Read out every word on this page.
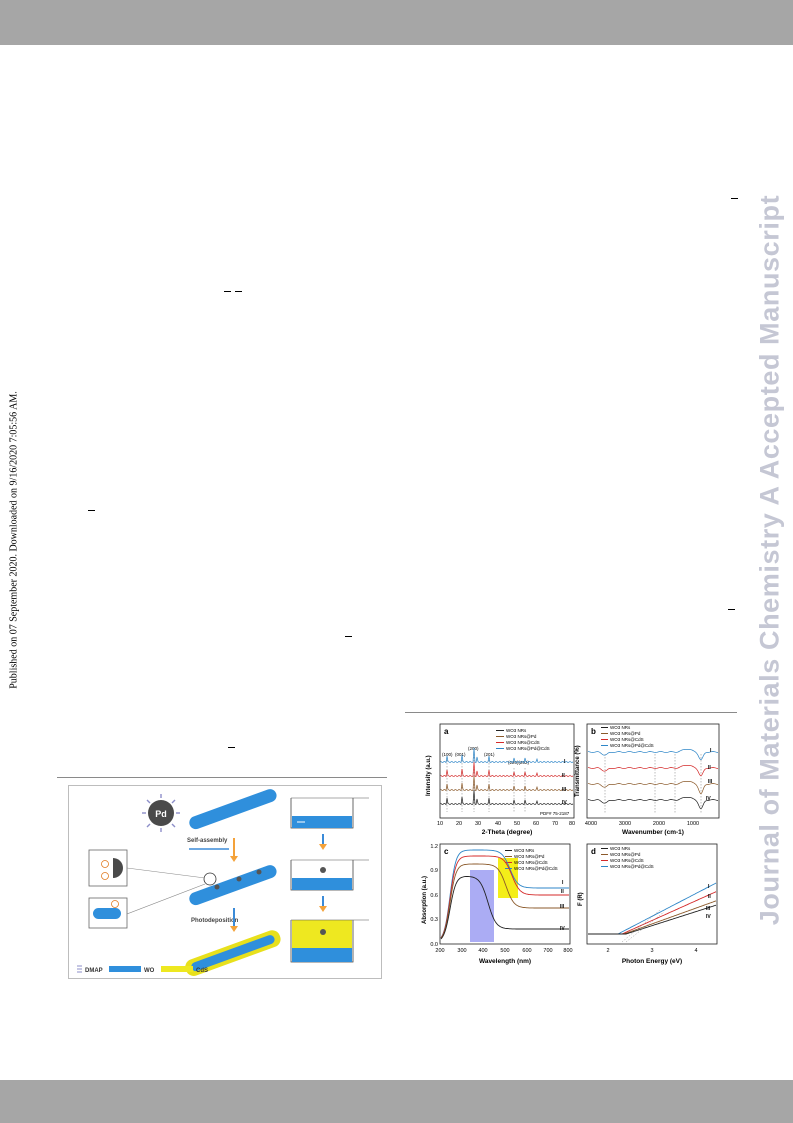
Published on 07 September 2020. Downloaded on 9/16/2020 7:05:56 AM.	Journal of Materials Chemistry A Accepted Manuscript
Pd
Self-assembly
Photodeposition
DMAP	WO	CdS
a	WO3 NRs
WO3 NRs@Pd
WO3 NRs@CdS
WO3 NRs@Pd@CdS
(100) (001)
(200)
(201)
(220)(202)	I
II
III
IV
PDF# 75-2187
Intensity (a.u.)
2-Theta (degree)
10 20 30	40 50 60 70 80
b	WO3 NRs
WO3 NRs@Pd
WO3 NRs@CdS
WO3 NRs@Pd@CdS
I
II
III
IV
Transmittance (%)
Wavenumber (cm-1)
4000	3000	2000	1000
c	WO3 NRs
WO3 NRs@Pd
WO3 NRs@CdS
WO3 NRs@Pd@CdS
I
II
III
IV
Absorption (a.u.)
0.0
0.3
0.6
0.9
1.2
Wavelength (nm)
200 300 400 500 600 700 800
d	WO3 NRs
WO3 NRs@Pd
WO3 NRs@CdS
WO3 NRs@Pd@CdS
I
II
III
IV
F (R)
Photon Energy (eV)
2	3	4
